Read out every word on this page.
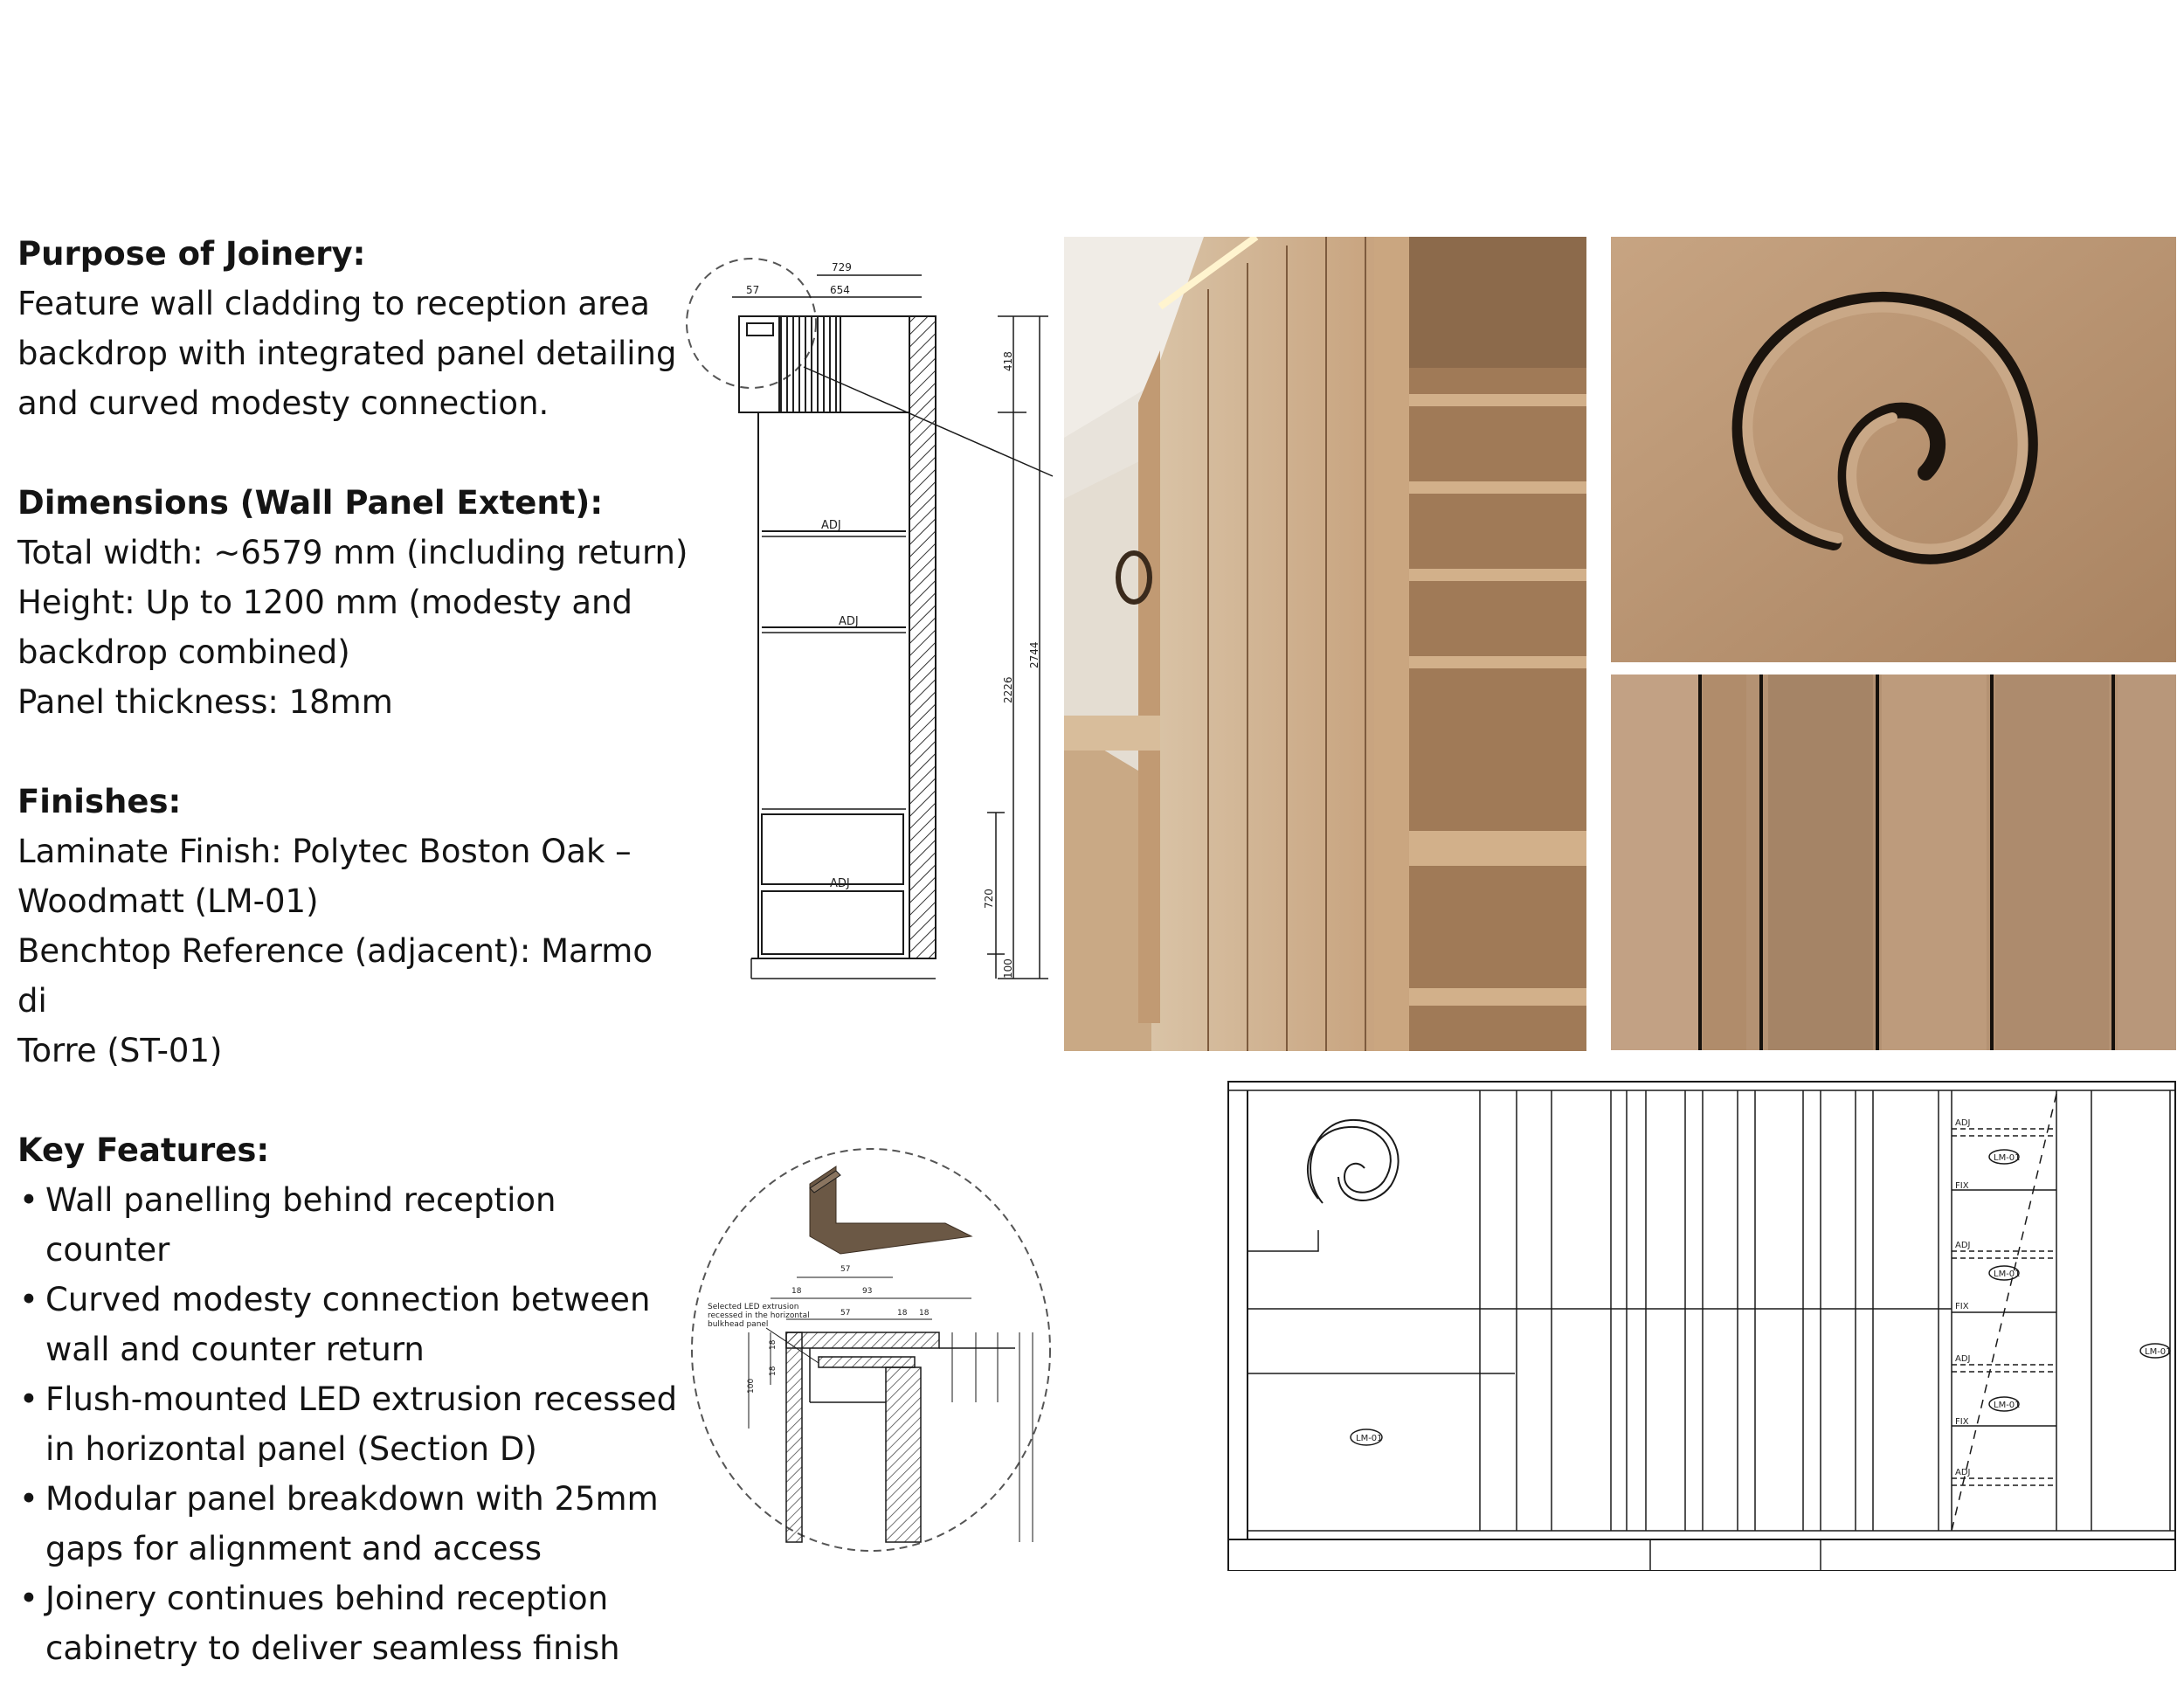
Purpose of Joinery:

Feature wall cladding to reception area

backdrop with integrated panel detailing

and curved modesty connection.

Dimensions (Wall Panel Extent):

Total width: ~6579 mm (including return)

Height: Up to 1200 mm (modesty and

backdrop combined)

Panel thickness: 18mm

Finishes:

Laminate Finish: Polytec Boston Oak –

Woodmatt (LM-01)

Benchtop Reference (adjacent): Marmo di

Torre (ST-01)

Key Features:
• Wall panelling behind reception counter
• Curved modesty connection between
wall and counter return
• Flush-mounted LED extrusion recessed
in horizontal panel (Section D)
• Modular panel breakdown with 25mm
gaps for alignment and access
• Joinery continues behind reception
cabinetry to deliver seamless finish
729
654
57
ADJ
ADJ
ADJ
418
2226
2744
720
100
57
18	93
57	18 18
Selected LED extrusion
recessed in the horizontal
bulkhead panel
100
18
18
LM-01
LM-01
LM-01
LM-01
LM-01
ADJ
FIX
ADJ
FIX
ADJ
FIX
ADJ
